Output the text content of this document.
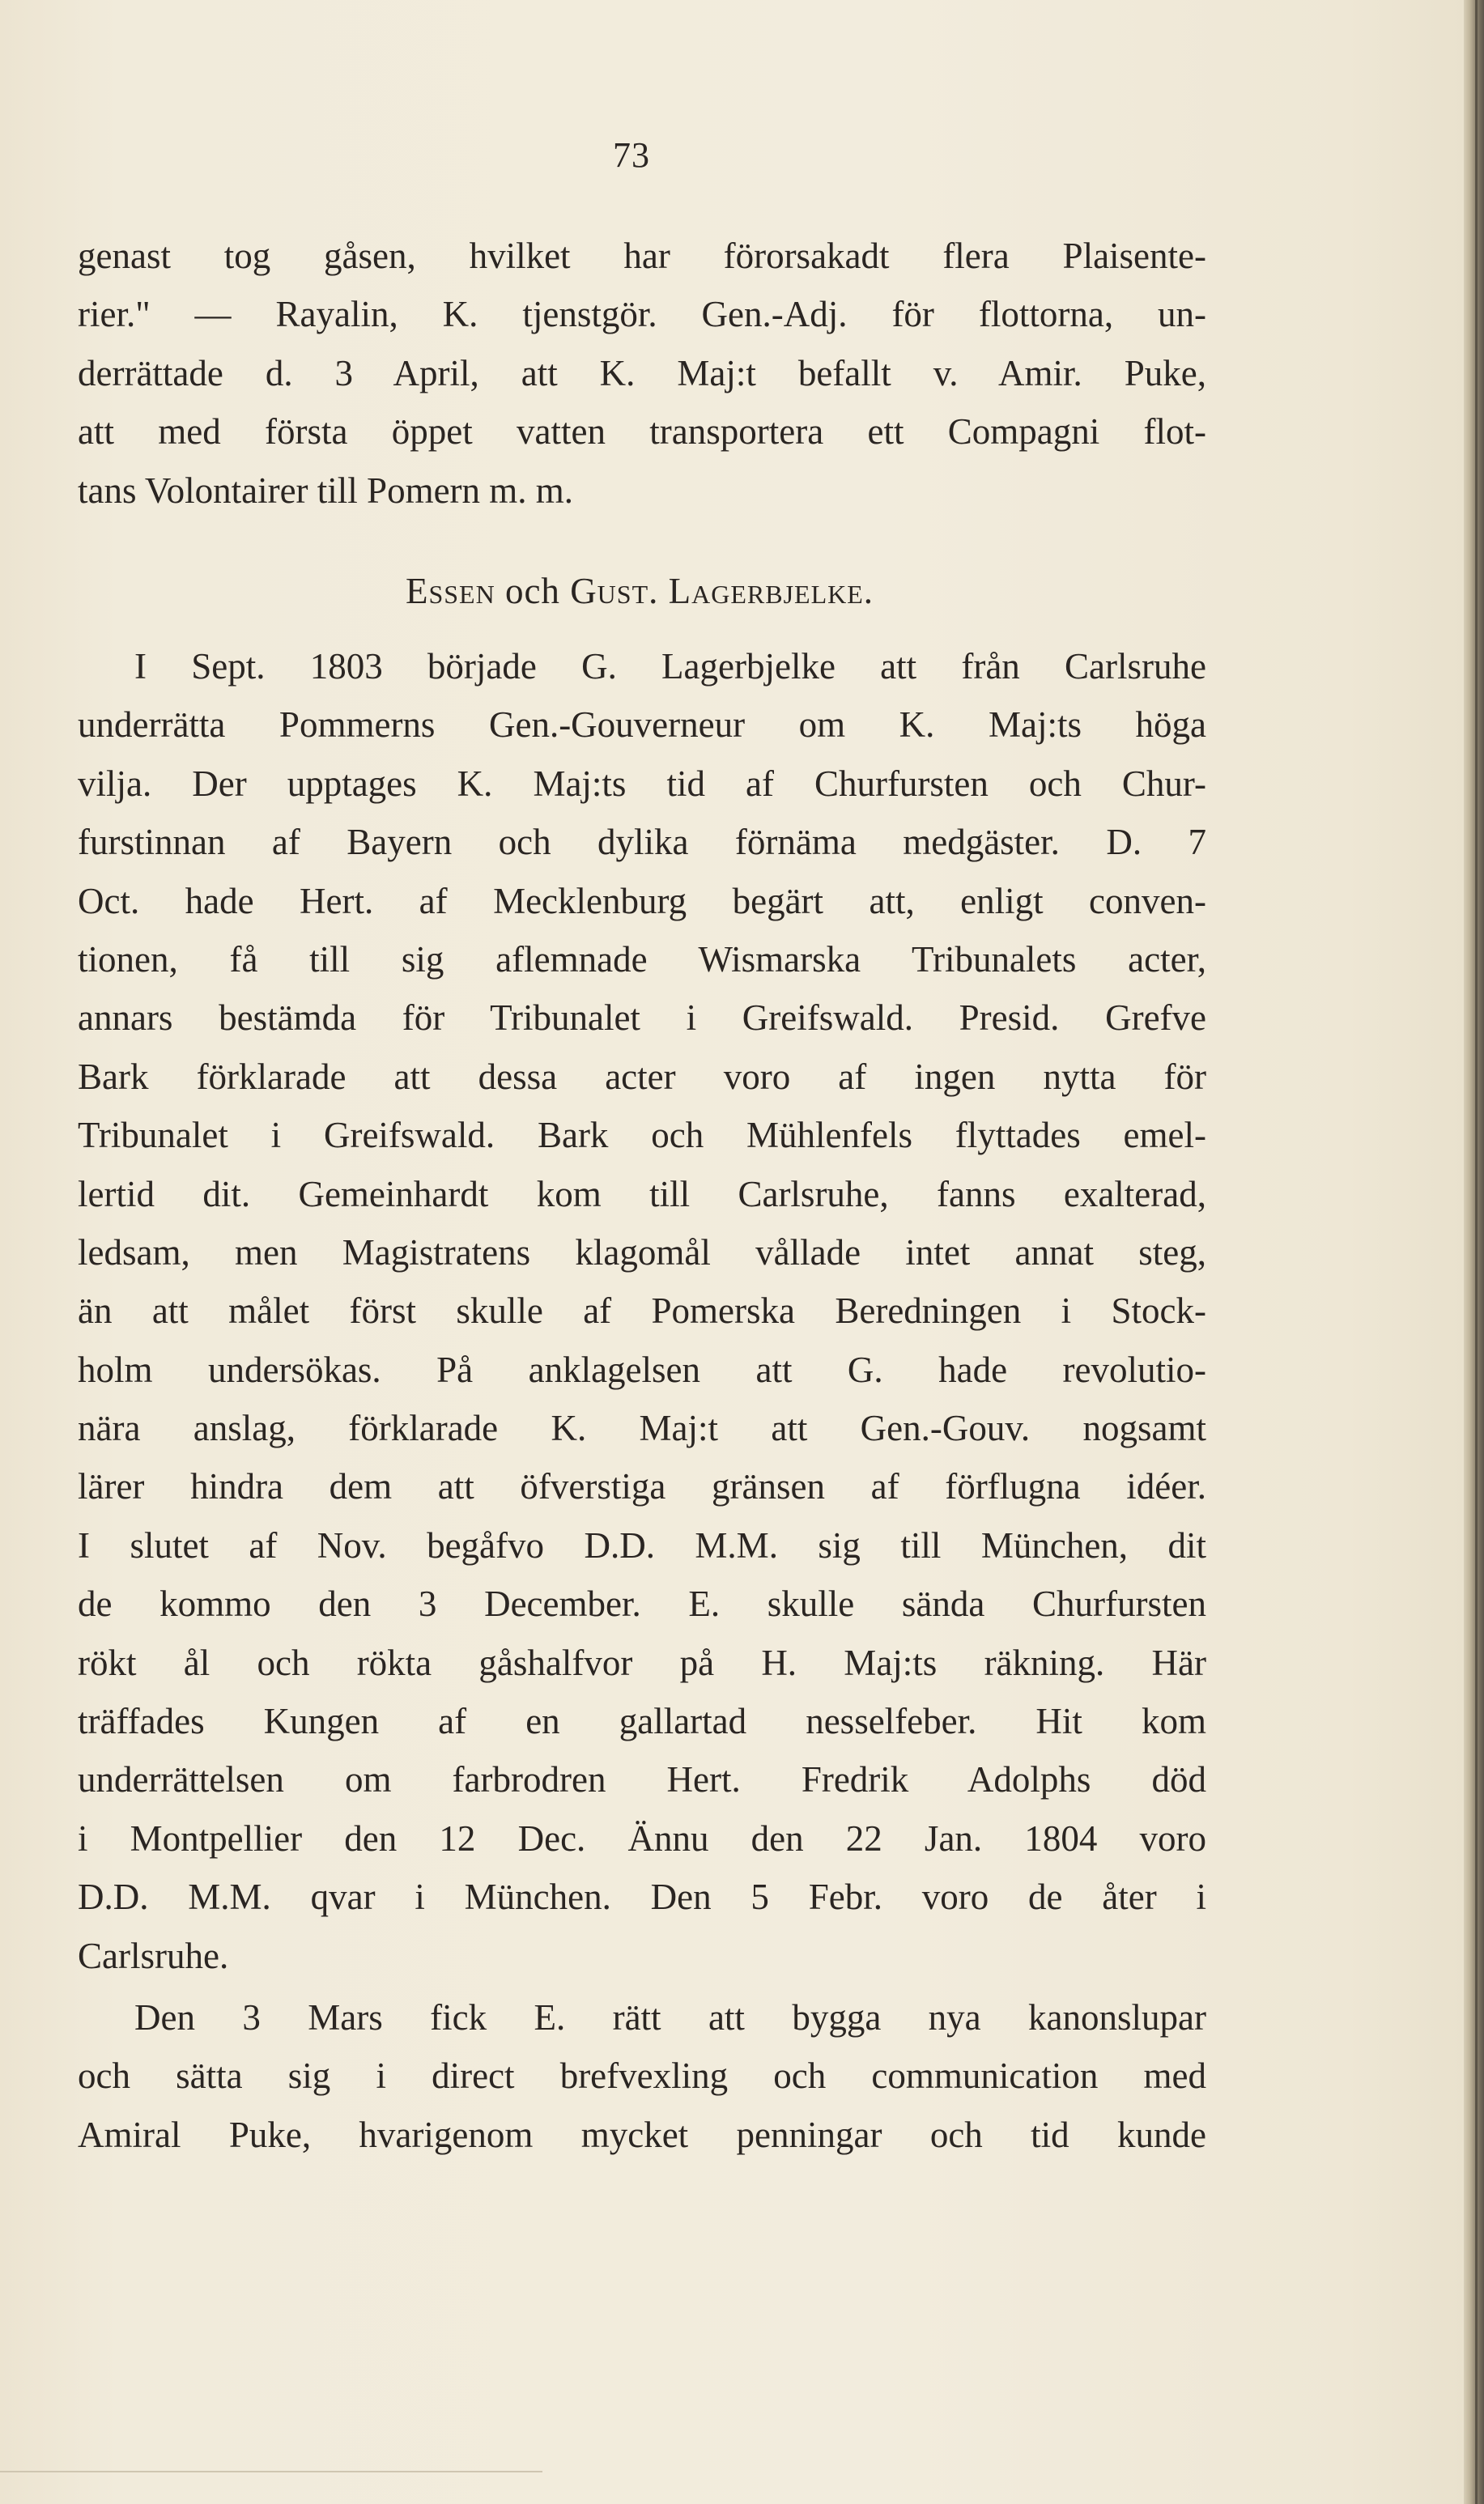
73
genast tog gåsen, hvilket har förorsakadt flera Plaisente-
rier." — Rayalin, K. tjenstgör. Gen.-Adj. för flottorna, un-
derrättade d. 3 April, att K. Maj:t befallt v. Amir. Puke,
att med första öppet vatten transportera ett Compagni flot-
tans Volontairer till Pomern m. m.
Essen och Gust. Lagerbjelke.
I Sept. 1803 började G. Lagerbjelke att från Carlsruhe
underrätta Pommerns Gen.-Gouverneur om K. Maj:ts höga
vilja. Der upptages K. Maj:ts tid af Churfursten och Chur-
furstinnan af Bayern och dylika förnäma medgäster. D. 7
Oct. hade Hert. af Mecklenburg begärt att, enligt conven-
tionen, få till sig aflemnade Wismarska Tribunalets acter,
annars bestämda för Tribunalet i Greifswald. Presid. Grefve
Bark förklarade att dessa acter voro af ingen nytta för
Tribunalet i Greifswald. Bark och Mühlenfels flyttades emel-
lertid dit. Gemeinhardt kom till Carlsruhe, fanns exalterad,
ledsam, men Magistratens klagomål vållade intet annat steg,
än att målet först skulle af Pomerska Beredningen i Stock-
holm undersökas. På anklagelsen att G. hade revolutio-
nära anslag, förklarade K. Maj:t att Gen.-Gouv. nogsamt
lärer hindra dem att öfverstiga gränsen af förflugna idéer.
I slutet af Nov. begåfvo D.D. M.M. sig till München, dit
de kommo den 3 December. E. skulle sända Churfursten
rökt ål och rökta gåshalfvor på H. Maj:ts räkning. Här
träffades Kungen af en gallartad nesselfeber. Hit kom
underrättelsen om farbrodren Hert. Fredrik Adolphs död
i Montpellier den 12 Dec. Ännu den 22 Jan. 1804 voro
D.D. M.M. qvar i München. Den 5 Febr. voro de åter i
Carlsruhe.
Den 3 Mars fick E. rätt att bygga nya kanonslupar
och sätta sig i direct brefvexling och communication med
Amiral Puke, hvarigenom mycket penningar och tid kunde
